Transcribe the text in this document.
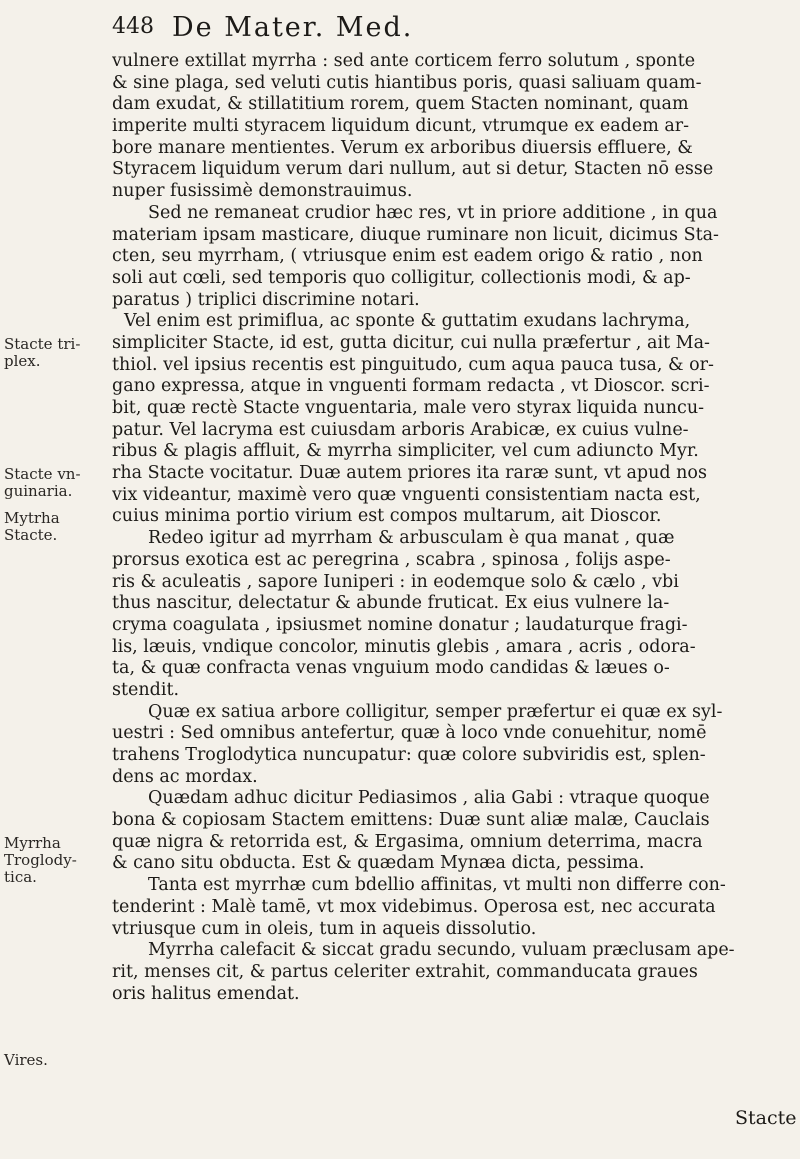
448 De Mater. Med.
Stacte tri-
plex.
Stacte vn-
guinaria.
Mytrha
Stacte.
Myrrha
Troglody-
tica.
Vires.
vulnere extillat myrrha : sed ante corticem ferro solutum , sponte
& sine plaga, sed veluti cutis hiantibus poris, quasi saliuam quam-
dam exudat, & stillatitium rorem, quem Stacten nominant, quam
imperite multi styracem liquidum dicunt, vtrumque ex eadem ar-
bore manare mentientes. Verum ex arboribus diuersis effluere, &
Styracem liquidum verum dari nullum, aut si detur, Stacten nō esse
nuper fusissimè demonstrauimus.
Sed ne remaneat crudior hæc res, vt in priore additione , in qua
materiam ipsam masticare, diuque ruminare non licuit, dicimus Sta-
cten, seu myrrham, ( vtriusque enim est eadem origo & ratio , non
soli aut cœli, sed temporis quo colligitur, collectionis modi, & ap-
paratus ) triplici discrimine notari.
Vel enim est primiflua, ac sponte & guttatim exudans lachryma,
simpliciter Stacte, id est, gutta dicitur, cui nulla præfertur , ait Ma-
thiol. vel ipsius recentis est pinguitudo, cum aqua pauca tusa, & or-
gano expressa, atque in vnguenti formam redacta , vt Dioscor. scri-
bit, quæ rectè Stacte vnguentaria, male vero styrax liquida nuncu-
patur. Vel lacryma est cuiusdam arboris Arabicæ, ex cuius vulne-
ribus & plagis affluit, & myrrha simpliciter, vel cum adiuncto Myr.
rha Stacte vocitatur. Duæ autem priores ita raræ sunt, vt apud nos
vix videantur, maximè vero quæ vnguenti consistentiam nacta est,
cuius minima portio virium est compos multarum, ait Dioscor.
Redeo igitur ad myrrham & arbusculam è qua manat , quæ
prorsus exotica est ac peregrina , scabra , spinosa , folijs aspe-
ris & aculeatis , sapore Iuniperi : in eodemque solo & cælo , vbi
thus nascitur, delectatur & abunde fruticat. Ex eius vulnere la-
cryma coagulata , ipsiusmet nomine donatur ; laudaturque fragi-
lis, læuis, vndique concolor, minutis glebis , amara , acris , odora-
ta, & quæ confracta venas vnguium modo candidas & læues o-
stendit.
Quæ ex satiua arbore colligitur, semper præfertur ei quæ ex syl-
uestri : Sed omnibus antefertur, quæ à loco vnde conuehitur, nomē
trahens Troglodytica nuncupatur: quæ colore subviridis est, splen-
dens ac mordax.
Quædam adhuc dicitur Pediasimos , alia Gabi : vtraque quoque
bona & copiosam Stactem emittens: Duæ sunt aliæ malæ, Cauclais
quæ nigra & retorrida est, & Ergasima, omnium deterrima, macra
& cano situ obducta. Est & quædam Mynæa dicta, pessima.
Tanta est myrrhæ cum bdellio affinitas, vt multi non differre con-
tenderint : Malè tamē, vt mox videbimus. Operosa est, nec accurata
vtriusque cum in oleis, tum in aqueis dissolutio.
Myrrha calefacit & siccat gradu secundo, vuluam præclusam ape-
rit, menses cit, & partus celeriter extrahit, commanducata graues
oris halitus emendat.
Stacte
